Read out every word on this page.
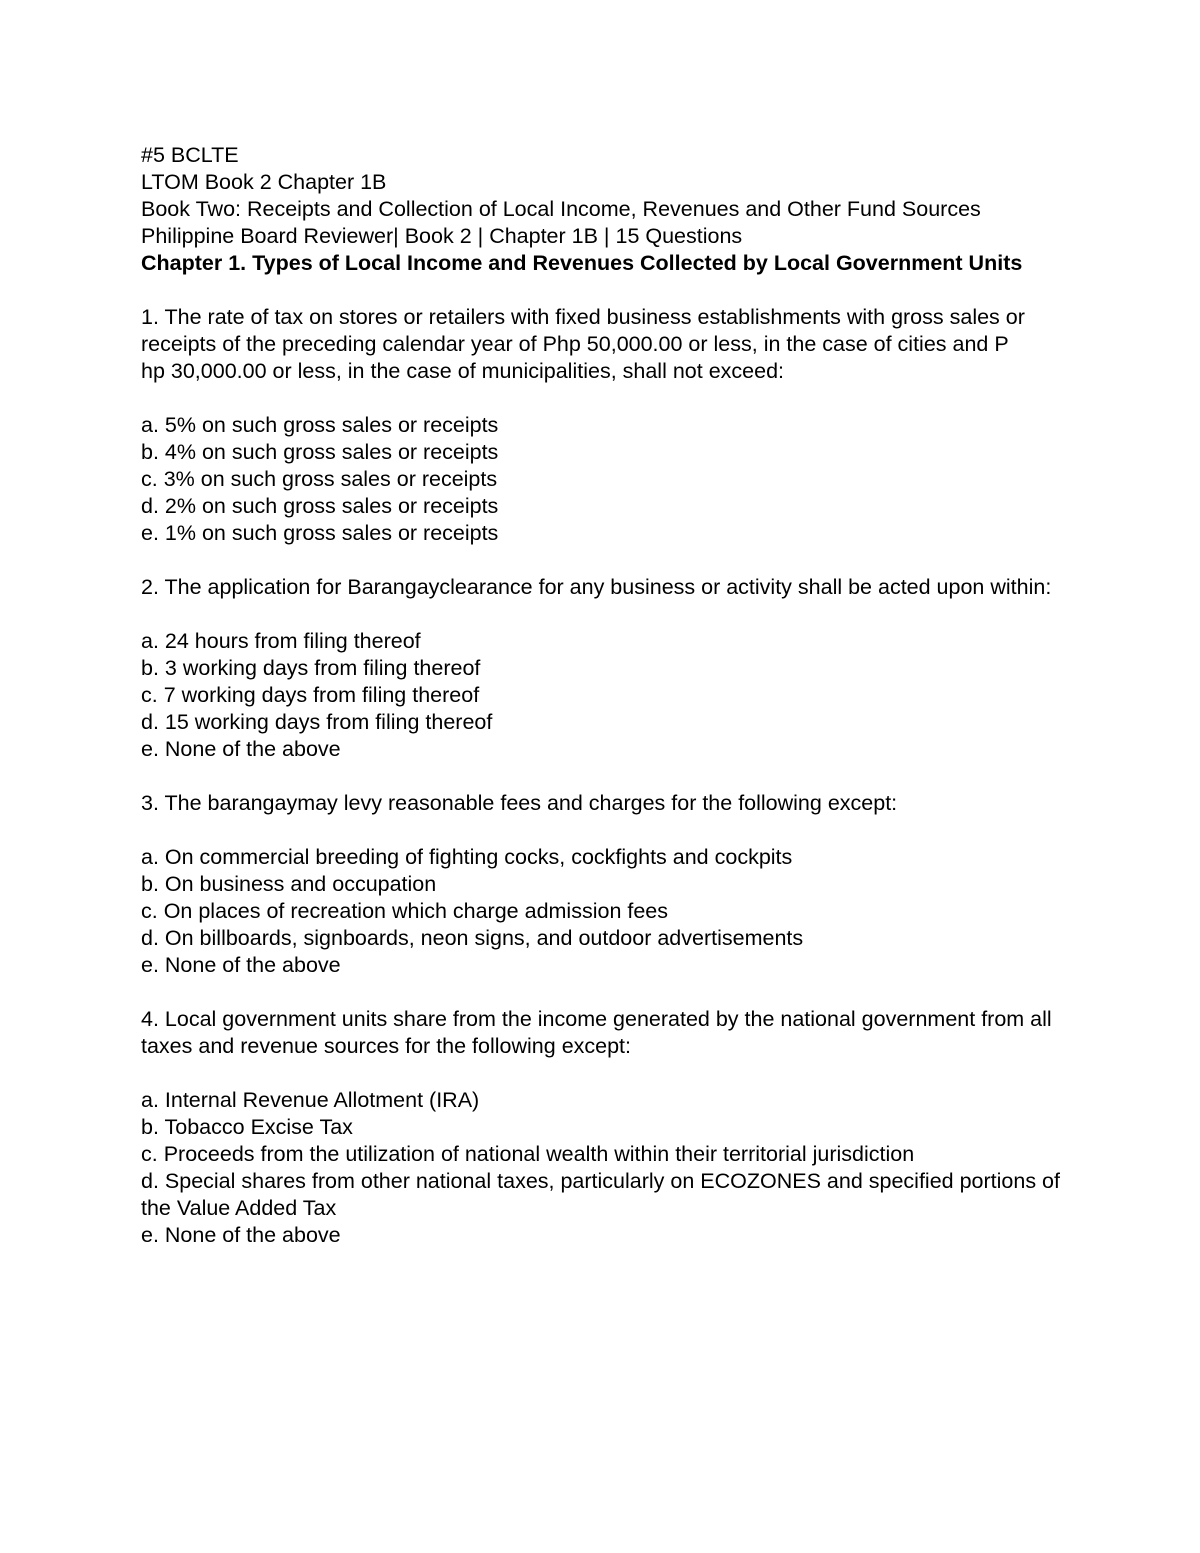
#5 BCLTE

LTOM Book 2 Chapter 1B

Book Two: Receipts and Collection of Local Income, Revenues and Other Fund Sources

Philippine Board Reviewer| Book 2 | Chapter 1B | 15 Questions

Chapter 1. Types of Local Income and Revenues Collected by Local Government Units

1. The rate of tax on stores or retailers with fixed business establishments with gross sales or receipts of the preceding calendar year of Php 50,000.00 or less, in the case of cities and P

hp 30,000.00 or less, in the case of municipalities, shall not exceed:

a. 5% on such gross sales or receipts

b. 4% on such gross sales or receipts

c. 3% on such gross sales or receipts

d. 2% on such gross sales or receipts

e. 1% on such gross sales or receipts

2. The application for Barangayclearance for any business or activity shall be acted upon within:

a. 24 hours from filing thereof

b. 3 working days from filing thereof

c. 7 working days from filing thereof

d. 15 working days from filing thereof

e. None of the above

3. The barangaymay levy reasonable fees and charges for the following except:

a. On commercial breeding of fighting cocks, cockfights and cockpits

b. On business and occupation

c. On places of recreation which charge admission fees

d. On billboards, signboards, neon signs, and outdoor advertisements

e. None of the above

4. Local government units share from the income generated by the national government from all taxes and revenue sources for the following except:

a. Internal Revenue Allotment (IRA)

b. Tobacco Excise Tax

c. Proceeds from the utilization of national wealth within their territorial jurisdiction

d. Special shares from other national taxes, particularly on ECOZONES and specified portions of the Value Added Tax

e. None of the above
